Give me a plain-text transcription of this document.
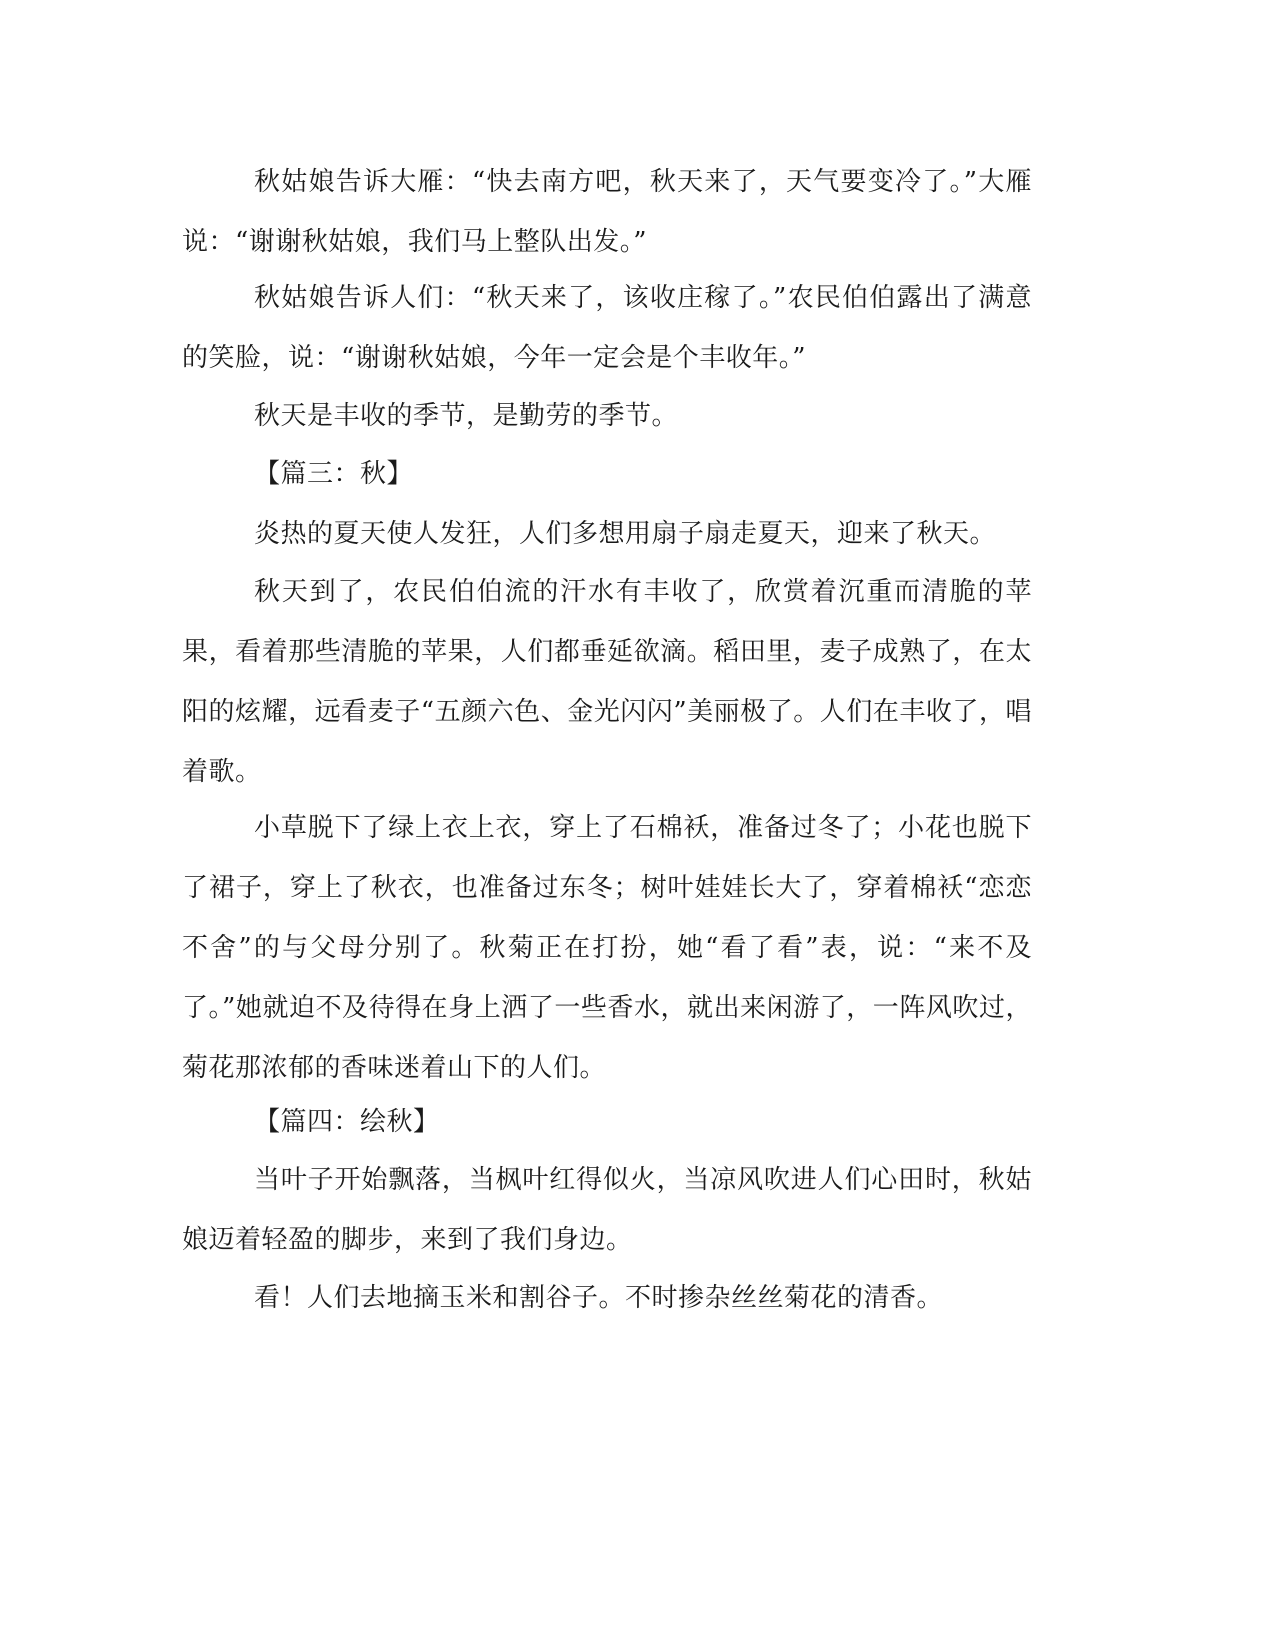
秋姑娘告诉大雁：“快去南方吧，秋天来了，天气要变冷了。”大雁说：“谢谢秋姑娘，我们马上整队出发。”

秋姑娘告诉人们：“秋天来了，该收庄稼了。”农民伯伯露出了满意的笑脸，说：“谢谢秋姑娘，今年一定会是个丰收年。”

秋天是丰收的季节，是勤劳的季节。

【篇三：秋】

炎热的夏天使人发狂，人们多想用扇子扇走夏天，迎来了秋天。

秋天到了，农民伯伯流的汗水有丰收了，欣赏着沉重而清脆的苹果，看着那些清脆的苹果，人们都垂延欲滴。稻田里，麦子成熟了，在太阳的炫耀，远看麦子“五颜六色、金光闪闪”美丽极了。人们在丰收了，唱着歌。

小草脱下了绿上衣上衣，穿上了石棉袄，准备过冬了；小花也脱下了裙子，穿上了秋衣，也准备过东冬；树叶娃娃长大了，穿着棉袄“恋恋不舍”的与父母分别了。秋菊正在打扮，她“看了看”表，说：“来不及了。”她就迫不及待得在身上洒了一些香水，就出来闲游了，一阵风吹过，菊花那浓郁的香味迷着山下的人们。

【篇四：绘秋】

当叶子开始飘落，当枫叶红得似火，当凉风吹进人们心田时，秋姑娘迈着轻盈的脚步，来到了我们身边。

看！人们去地摘玉米和割谷子。不时掺杂丝丝菊花的清香。
